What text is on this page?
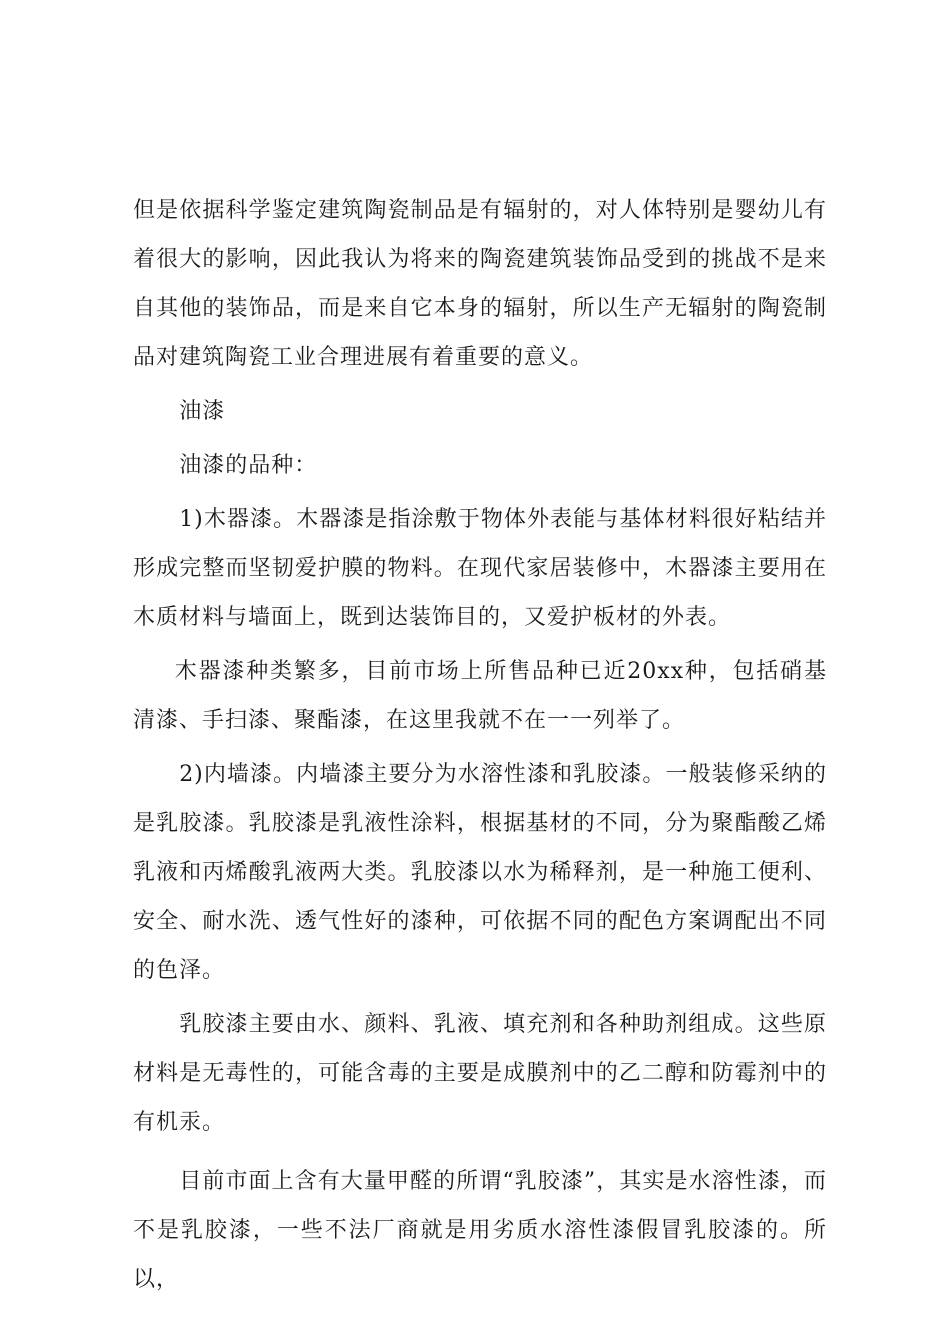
但是依据科学鉴定建筑陶瓷制品是有辐射的，对人体特别是婴幼儿有着很大的影响，因此我认为将来的陶瓷建筑装饰品受到的挑战不是来自其他的装饰品，而是来自它本身的辐射，所以生产无辐射的陶瓷制品对建筑陶瓷工业合理进展有着重要的意义。

油漆

油漆的品种：

1)木器漆。木器漆是指涂敷于物体外表能与基体材料很好粘结并形成完整而坚韧爱护膜的物料。在现代家居装修中，木器漆主要用在木质材料与墙面上，既到达装饰目的，又爱护板材的外表。

木器漆种类繁多，目前市场上所售品种已近20xx种，包括硝基清漆、手扫漆、聚酯漆，在这里我就不在一一列举了。

2)内墙漆。内墙漆主要分为水溶性漆和乳胶漆。一般装修采纳的是乳胶漆。乳胶漆是乳液性涂料，根据基材的不同，分为聚酯酸乙烯乳液和丙烯酸乳液两大类。乳胶漆以水为稀释剂，是一种施工便利、安全、耐水洗、透气性好的漆种，可依据不同的配色方案调配出不同的色泽。

乳胶漆主要由水、颜料、乳液、填充剂和各种助剂组成。这些原材料是无毒性的，可能含毒的主要是成膜剂中的乙二醇和防霉剂中的有机汞。

目前市面上含有大量甲醛的所谓“乳胶漆”，其实是水溶性漆，而不是乳胶漆，一些不法厂商就是用劣质水溶性漆假冒乳胶漆的。所以，
